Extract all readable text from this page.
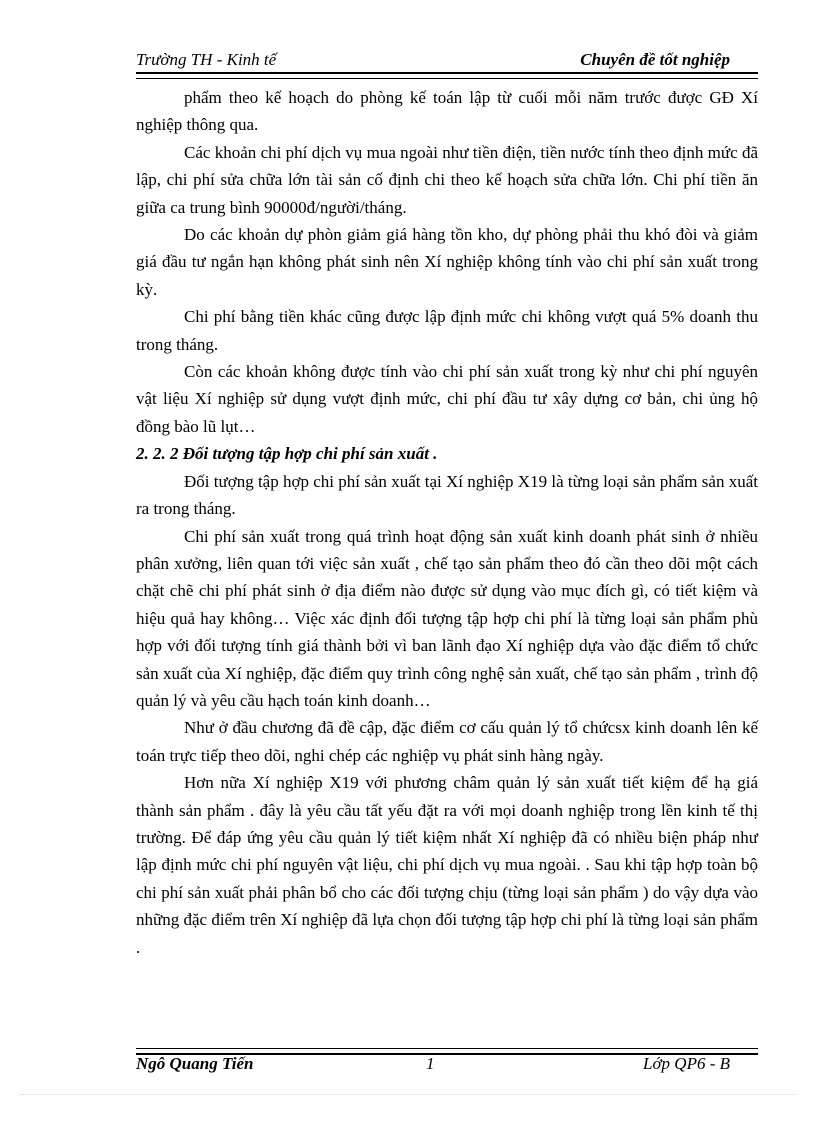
Trường TH - Kinh tế	Chuyên đề tốt nghiệp

phẩm theo kế hoạch do phòng kế toán lập từ cuối mỗi năm trước được GĐ Xí nghiệp thông qua.

Các khoản chi phí dịch vụ mua ngoài như tiền điện, tiền nước tính theo định mức đã lập, chi phí sửa chữa lớn tài sản cố định chi theo kế hoạch sửa chữa lớn. Chi phí tiền ăn giữa ca trung bình 90000đ/người/tháng.

Do các khoản dự phòn giảm giá hàng tồn kho, dự phòng phải thu khó đòi và giảm giá đầu tư ngắn hạn không phát sinh nên Xí nghiệp không tính vào chi phí sản xuất trong kỳ.

Chi phí bằng tiền khác cũng được lập định mức chi không vượt quá 5% doanh thu trong tháng.

Còn các khoản không được tính vào chi phí sản xuất trong kỳ như chi phí nguyên vật liệu Xí nghiệp sử dụng vượt định mức, chi phí đầu tư xây dựng cơ bản, chi ủng hộ đồng bào lũ lụt…

2. 2. 2 Đối tượng tập hợp chi phí sản xuất .

Đối tượng tập hợp chi phí sản xuất tại Xí nghiệp X19 là từng loại sản phẩm sản xuất ra trong tháng.

Chi phí sản xuất trong quá trình hoạt động sản xuất kinh doanh phát sinh ở nhiều phân xưởng, liên quan tới việc sản xuất , chế tạo sản phẩm theo đó cần theo dõi một cách chặt chẽ chi phí phát sinh ở địa điểm nào được sử dụng vào mục đích gì, có tiết kiệm và hiệu quả hay không… Việc xác định đối tượng tập hợp chi phí là từng loại sản phẩm phù hợp với đối tượng tính giá thành bởi vì ban lãnh đạo Xí nghiệp dựa vào đặc điểm tổ chức sản xuất của Xí nghiệp, đặc điểm quy trình công nghệ sản xuất, chế tạo sản phẩm , trình độ quản lý và yêu cầu hạch toán kinh doanh…

Như ở đầu chương đã đề cập, đặc điểm cơ cấu quản lý tổ chứcsx kinh doanh lên kế toán trực tiếp theo dõi, nghi chép các nghiệp vụ phát sinh hàng ngày.

Hơn nữa Xí nghiệp X19 với phương châm quản lý sản xuất tiết kiệm để hạ giá thành sản phẩm . đây là yêu cầu tất yếu đặt ra với mọi doanh nghiệp trong lền kinh tế thị trường. Để đáp ứng yêu cầu quản lý tiết kiệm nhất Xí nghiệp đã có nhiều biện pháp như lập định mức chi phí nguyên vật liệu, chi phí dịch vụ mua ngoài. . Sau khi tập hợp toàn bộ chi phí sản xuất phải phân bổ cho các đối tượng chịu (từng loại sản phẩm ) do vậy dựa vào những đặc điểm trên Xí nghiệp đã lựa chọn đối tượng tập hợp chi phí là từng loại sản phẩm .

Ngô Quang Tiến	1	Lớp QP6 - B
